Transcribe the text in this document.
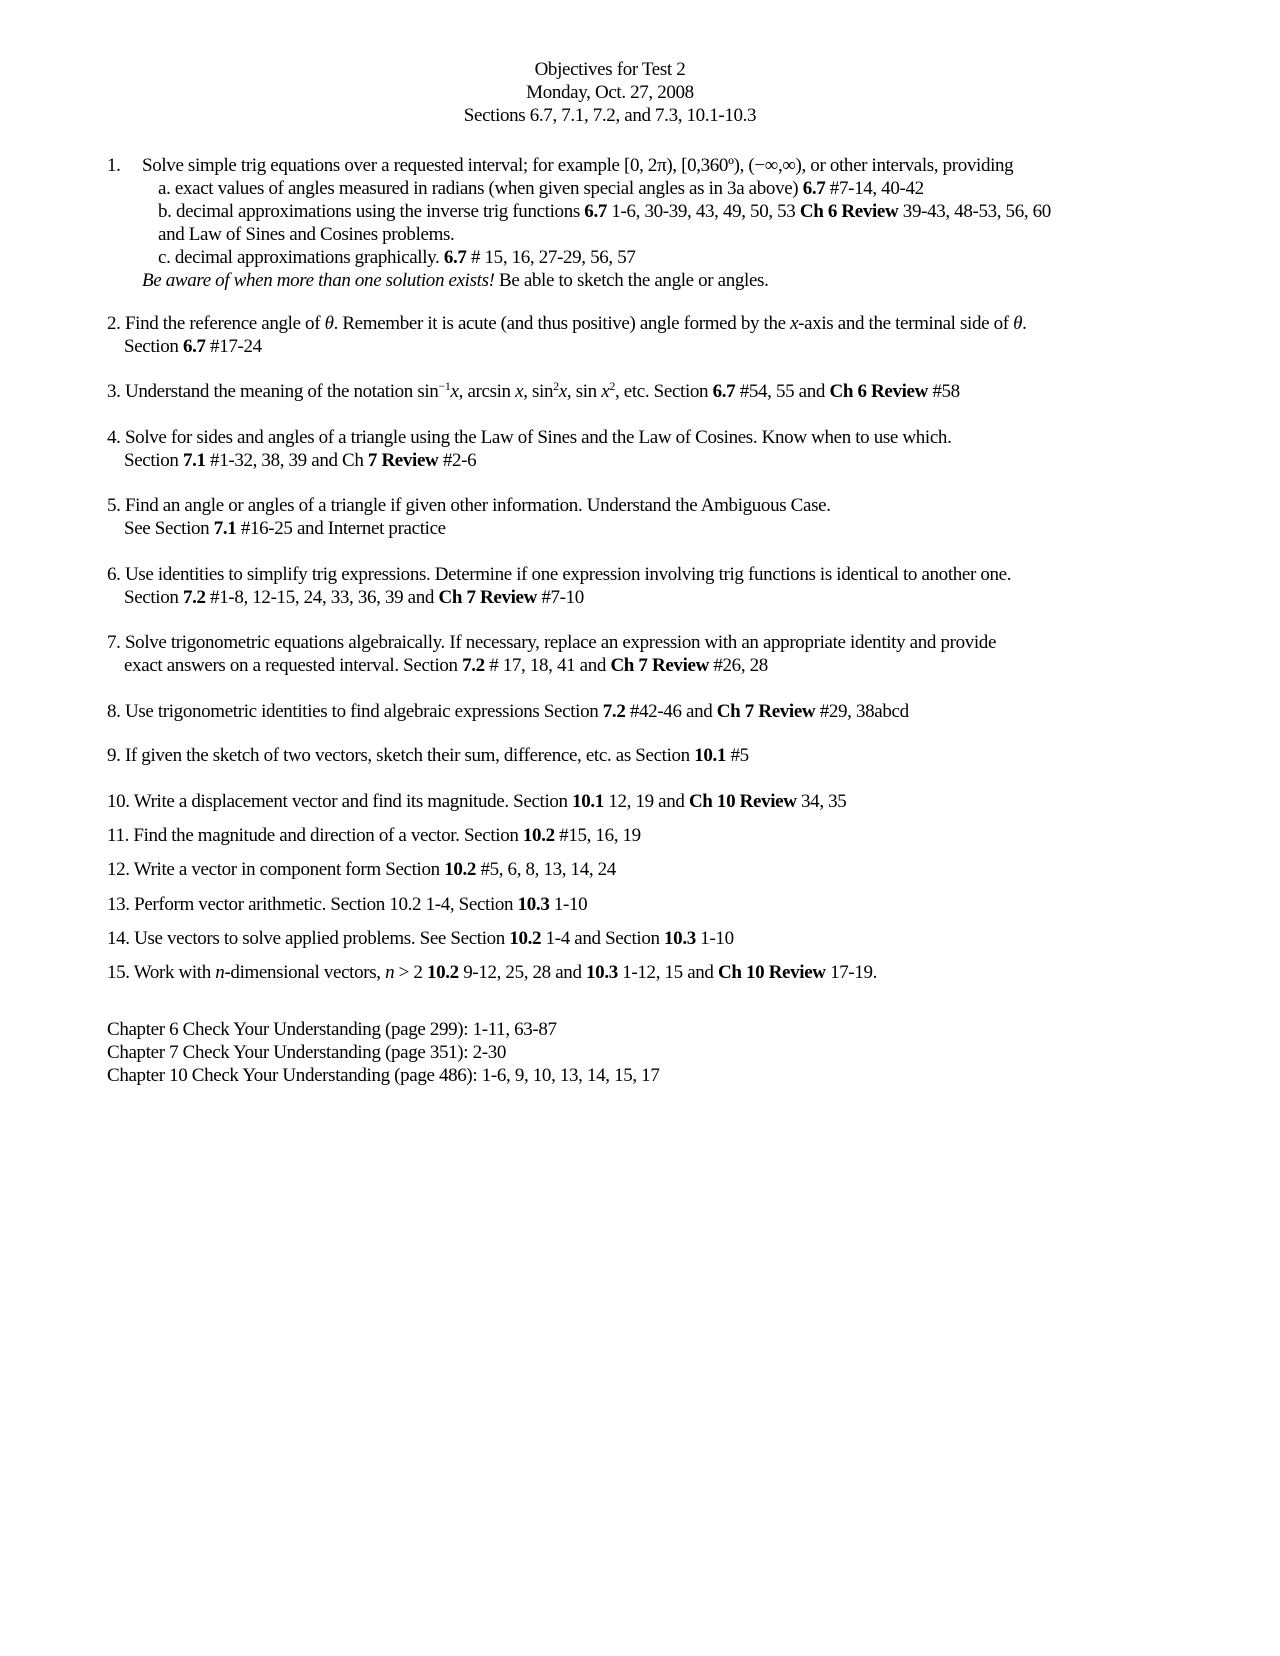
Objectives for Test 2
Monday, Oct. 27, 2008
Sections 6.7, 7.1, 7.2, and 7.3, 10.1-10.3
1. Solve simple trig equations over a requested interval; for example [0, 2π), [0,360º), (−∞,∞), or other intervals, providing
a. exact values of angles measured in radians (when given special angles as in 3a above) 6.7 #7-14, 40-42
b. decimal approximations using the inverse trig functions 6.7 1-6, 30-39, 43, 49, 50, 53 Ch 6 Review 39-43, 48-53, 56, 60
and Law of Sines and Cosines problems.
c. decimal approximations graphically. 6.7 # 15, 16, 27-29, 56, 57
Be aware of when more than one solution exists! Be able to sketch the angle or angles.
2. Find the reference angle of θ. Remember it is acute (and thus positive) angle formed by the x-axis and the terminal side of θ.
Section 6.7 #17-24
3. Understand the meaning of the notation $\sin^{-1}x$, arcsin x, $\sin^2x$, $\sin x^2$, etc. Section 6.7 #54, 55 and Ch 6 Review #58
4. Solve for sides and angles of a triangle using the Law of Sines and the Law of Cosines. Know when to use which.
Section 7.1 #1-32, 38, 39 and Ch 7 Review #2-6
5. Find an angle or angles of a triangle if given other information. Understand the Ambiguous Case.
See Section 7.1 #16-25 and Internet practice
6. Use identities to simplify trig expressions. Determine if one expression involving trig functions is identical to another one.
Section 7.2 #1-8, 12-15, 24, 33, 36, 39 and Ch 7 Review #7-10
7. Solve trigonometric equations algebraically. If necessary, replace an expression with an appropriate identity and provide
exact answers on a requested interval. Section 7.2 # 17, 18, 41 and Ch 7 Review #26, 28
8. Use trigonometric identities to find algebraic expressions Section 7.2 #42-46 and Ch 7 Review #29, 38abcd
9. If given the sketch of two vectors, sketch their sum, difference, etc. as Section 10.1 #5
10. Write a displacement vector and find its magnitude. Section 10.1 12, 19 and Ch 10 Review 34, 35
11. Find the magnitude and direction of a vector. Section 10.2 #15, 16, 19
12. Write a vector in component form Section 10.2 #5, 6, 8, 13, 14, 24
13. Perform vector arithmetic. Section 10.2 1-4, Section 10.3 1-10
14. Use vectors to solve applied problems. See Section 10.2 1-4 and Section 10.3 1-10
15. Work with n-dimensional vectors, n > 2 10.2 9-12, 25, 28 and 10.3 1-12, 15 and Ch 10 Review 17-19.
Chapter 6 Check Your Understanding (page 299): 1-11, 63-87
Chapter 7 Check Your Understanding (page 351): 2-30
Chapter 10 Check Your Understanding (page 486): 1-6, 9, 10, 13, 14, 15, 17
